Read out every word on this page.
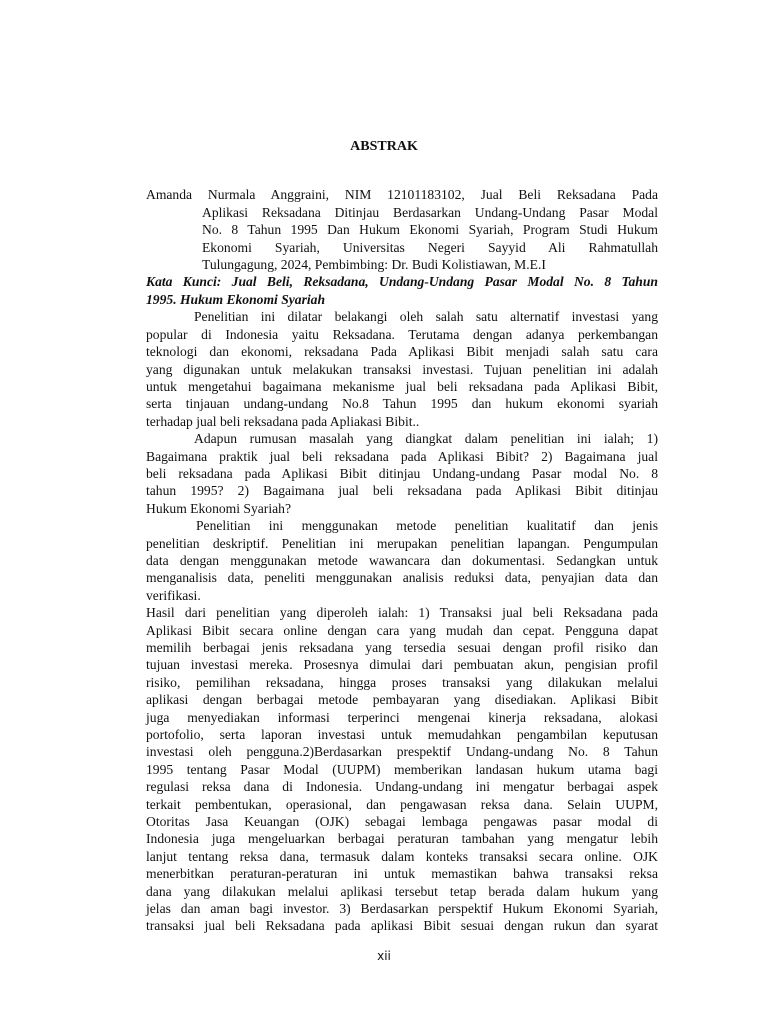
ABSTRAK
Amanda Nurmala Anggraini, NIM 12101183102, Jual Beli Reksadana Pada
Aplikasi Reksadana Ditinjau Berdasarkan Undang-Undang Pasar Modal
No. 8 Tahun 1995 Dan Hukum Ekonomi Syariah, Program Studi Hukum
Ekonomi Syariah, Universitas Negeri Sayyid Ali Rahmatullah
Tulungagung, 2024, Pembimbing: Dr. Budi Kolistiawan, M.E.I
Kata Kunci: Jual Beli, Reksadana, Undang-Undang Pasar Modal No. 8 Tahun
1995. Hukum Ekonomi Syariah
Penelitian ini dilatar belakangi oleh salah satu alternatif investasi yang
popular di Indonesia yaitu Reksadana. Terutama dengan adanya perkembangan
teknologi dan ekonomi, reksadana Pada Aplikasi Bibit menjadi salah satu cara
yang digunakan untuk melakukan transaksi investasi. Tujuan penelitian ini adalah
untuk mengetahui bagaimana mekanisme jual beli reksadana pada Aplikasi Bibit,
serta tinjauan undang-undang No.8 Tahun 1995 dan hukum ekonomi syariah
terhadap jual beli reksadana pada Apliakasi Bibit..
Adapun rumusan masalah yang diangkat dalam penelitian ini ialah; 1)
Bagaimana praktik jual beli reksadana pada Aplikasi Bibit? 2) Bagaimana jual
beli reksadana pada Aplikasi Bibit ditinjau Undang-undang Pasar modal No. 8
tahun 1995? 2) Bagaimana jual beli reksadana pada Aplikasi Bibit ditinjau
Hukum Ekonomi Syariah?
Penelitian ini menggunakan metode penelitian kualitatif dan jenis
penelitian deskriptif. Penelitian ini merupakan penelitian lapangan. Pengumpulan
data dengan menggunakan metode wawancara dan dokumentasi. Sedangkan untuk
menganalisis data, peneliti menggunakan analisis reduksi data, penyajian data dan
verifikasi.
Hasil dari penelitian yang diperoleh ialah: 1) Transaksi jual beli Reksadana pada
Aplikasi Bibit secara online dengan cara yang mudah dan cepat. Pengguna dapat
memilih berbagai jenis reksadana yang tersedia sesuai dengan profil risiko dan
tujuan investasi mereka. Prosesnya dimulai dari pembuatan akun, pengisian profil
risiko, pemilihan reksadana, hingga proses transaksi yang dilakukan melalui
aplikasi dengan berbagai metode pembayaran yang disediakan. Aplikasi Bibit
juga menyediakan informasi terperinci mengenai kinerja reksadana, alokasi
portofolio, serta laporan investasi untuk memudahkan pengambilan keputusan
investasi oleh pengguna.2)Berdasarkan prespektif Undang-undang No. 8 Tahun
1995 tentang Pasar Modal (UUPM) memberikan landasan hukum utama bagi
regulasi reksa dana di Indonesia. Undang-undang ini mengatur berbagai aspek
terkait pembentukan, operasional, dan pengawasan reksa dana. Selain UUPM,
Otoritas Jasa Keuangan (OJK) sebagai lembaga pengawas pasar modal di
Indonesia juga mengeluarkan berbagai peraturan tambahan yang mengatur lebih
lanjut tentang reksa dana, termasuk dalam konteks transaksi secara online. OJK
menerbitkan peraturan-peraturan ini untuk memastikan bahwa transaksi reksa
dana yang dilakukan melalui aplikasi tersebut tetap berada dalam hukum yang
jelas dan aman bagi investor. 3) Berdasarkan perspektif Hukum Ekonomi Syariah,
transaksi jual beli Reksadana pada aplikasi Bibit sesuai dengan rukun dan syarat
xii
